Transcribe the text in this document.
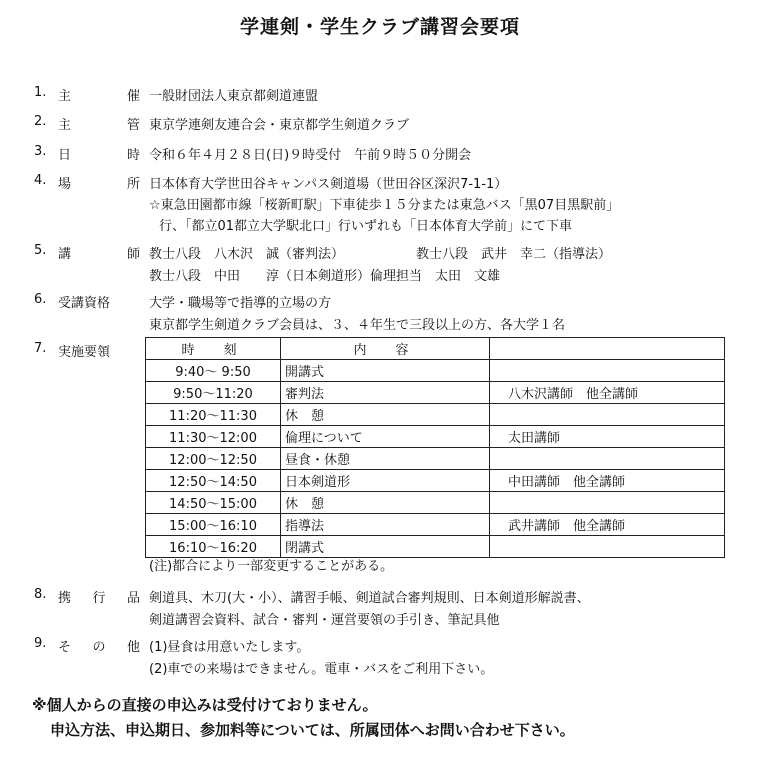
学連剣・学生クラブ講習会要項
1. 主	催 一般財団法人東京都剣道連盟
2. 主	管 東京学連剣友連合会・東京都学生剣道クラブ
3. 日	時 令和６年４月２８日(日)９時受付　午前９時５０分開会
4. 場	所 日本体育大学世田谷キャンパス剣道場（世田谷区深沢7-1-1）
☆東急田園都市線「桜新町駅」下車徒歩１５分または東急バス「黒07目黒駅前」
行、「都立01都立大学駅北口」行いずれも「日本体育大学前」にて下車
5. 講	師 教士八段　八木沢　誠（審判法）	教士八段　武井　幸二（指導法）
教士八段　中田　　淳（日本剣道形）倫理担当　太田　文雄
6. 受講資格	大学・職場等で指導的立場の方
東京都学生剣道クラブ会員は、３、４年生で三段以上の方、各大学１名
7. 実施要領	時　刻	内　容	
9:40〜 9:50	開講式	
9:50〜11:20	審判法	八木沢講師　他全講師
11:20〜11:30	休　憩	
11:30〜12:00	倫理について	太田講師
12:00〜12:50	昼食・休憩	
12:50〜14:50	日本剣道形	中田講師　他全講師
14:50〜15:00	休　憩	
15:00〜16:10	指導法	武井講師　他全講師
16:10〜16:20	閉講式	
(注)都合により一部変更することがある。
8. 携 行 品 剣道具、木刀(大・小）、講習手帳、剣道試合審判規則、日本剣道形解説書、
剣道講習会資料、試合・審判・運営要領の手引き、筆記具他
9. そ の 他 (1)昼食は用意いたします。
(2)車での来場はできません。電車・バスをご利用下さい。
※個人からの直接の申込みは受付けておりません。
申込方法、申込期日、参加料等については、所属団体へお問い合わせ下さい。
